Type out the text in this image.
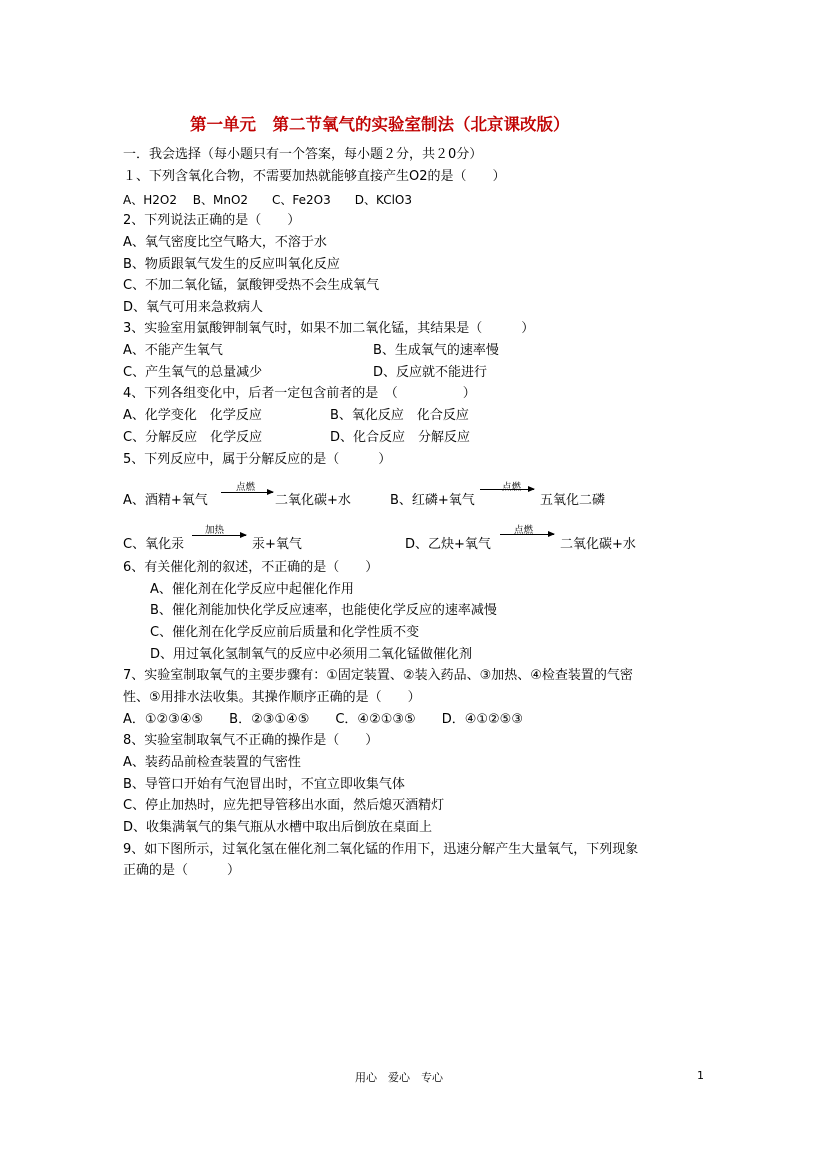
第一单元　第二节氧气的实验室制法（北京课改版）
一．我会选择（每小题只有一个答案，每小题２分，共２0分）
１、下列含氧化合物，不需要加热就能够直接产生O2的是（　　）
A、H2O2　 B、MnO2　　C、Fe2O3　　D、KClO3
2、下列说法正确的是（　　）
A、氧气密度比空气略大，不溶于水
B、物质跟氧气发生的反应叫氧化反应
C、不加二氧化锰，氯酸钾受热不会生成氧气
D、氧气可用来急救病人
3、实验室用氯酸钾制氧气时，如果不加二氧化锰，其结果是（　　　）
A、不能产生氧气	B、生成氧气的速率慢
C、产生氧气的总量减少	D、反应就不能进行
4、下列各组变化中，后者一定包含前者的是　（　　　　　）
A、化学变化　化学反应	B、氧化反应　化合反应
C、分解反应　化学反应	D、化合反应　分解反应
5、下列反应中，属于分解反应的是（　　　）
A、酒精+氧气
点燃
二氧化碳+水	B、红磷+氧气
点燃
五氧化二磷
C、氧化汞
加热
汞+氧气	D、乙炔+氧气
点燃
二氧化碳+水
6、有关催化剂的叙述，不正确的是（　　）
A、催化剂在化学反应中起催化作用
B、催化剂能加快化学反应速率，也能使化学反应的速率减慢
C、催化剂在化学反应前后质量和化学性质不变
D、用过氧化氢制氧气的反应中必须用二氧化锰做催化剂
7、实验室制取氧气的主要步骤有：①固定装置、②装入药品、③加热、④检查装置的气密
性、⑤用排水法收集。其操作顺序正确的是（　　）
A．①②③④⑤　　B．②③①④⑤　　C．④②①③⑤　　D．④①②⑤③
8、实验室制取氧气不正确的操作是（　　）
A、装药品前检查装置的气密性
B、导管口开始有气泡冒出时，不宜立即收集气体
C、停止加热时，应先把导管移出水面，然后熄灭酒精灯
D、收集满氧气的集气瓶从水槽中取出后倒放在桌面上
9、如下图所示，过氧化氢在催化剂二氧化锰的作用下，迅速分解产生大量氧气，下列现象
正确的是（　　　）
用心　爱心　专心	1
